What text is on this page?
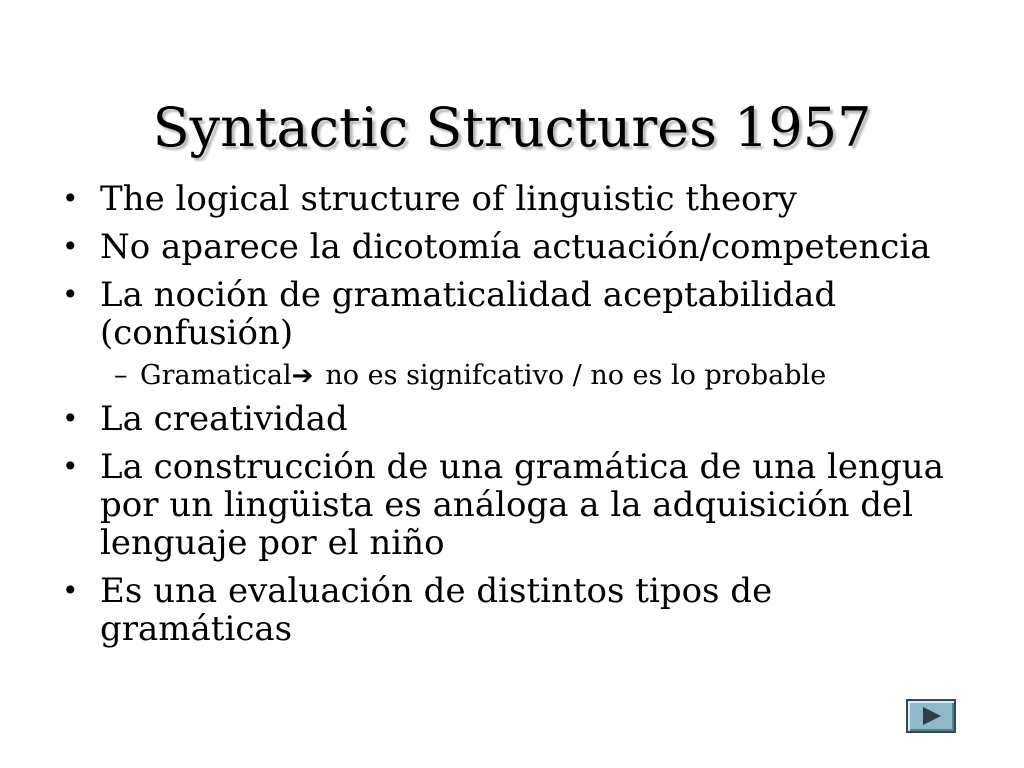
Syntactic Structures 1957
• The logical structure of linguistic theory
• No aparece la dicotomía actuación/competencia
• La noción de gramaticalidad aceptabilidad (confusión)
– Gramatical➔ no es signifcativo / no es lo probable
• La creatividad
• La construcción de una gramática de una lengua por un lingüista es análoga a la adquisición del lenguaje por el niño
• Es una evaluación de distintos tipos de gramáticas
